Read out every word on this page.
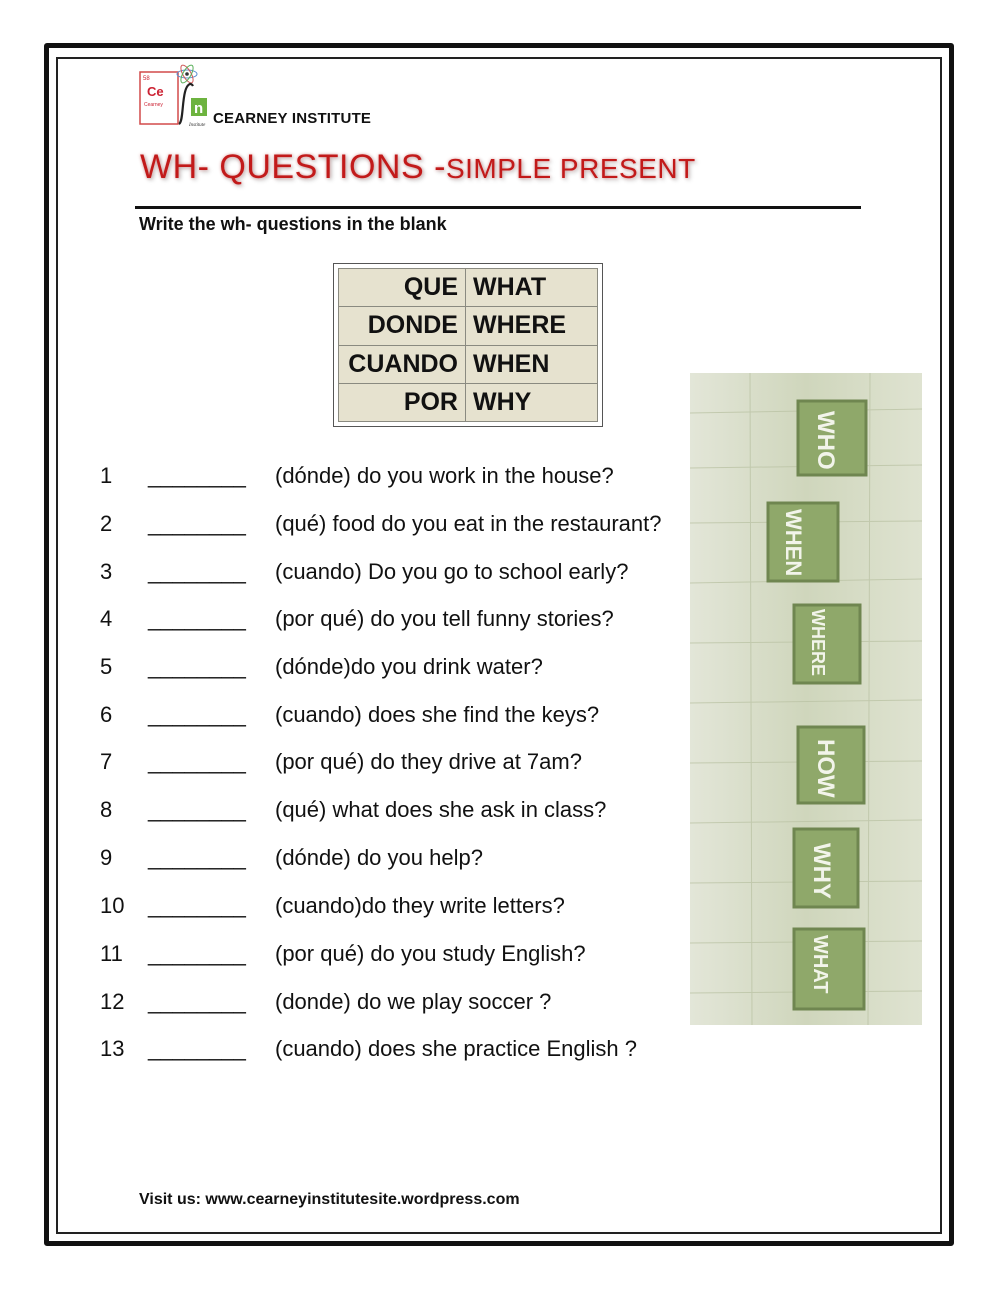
58
Ce
Cearney n
Institute CEARNEY INSTITUTE
WH- QUESTIONS -SIMPLE PRESENT
Write the wh- questions in the blank
QUE	WHAT
DONDE	WHERE
CUANDO	WHEN
POR	WHY
WHO
WHEN
WHERE
HOW
WHY
WHAT
1 ________ (dónde) do you work in the house?
2 ________ (qué) food do you eat in the restaurant?
3 ________ (cuando) Do you go to school early?
4 ________ (por qué) do you tell funny stories?
5 ________ (dónde)do you drink water?
6 ________ (cuando) does she find the keys?
7 ________ (por qué) do they drive at 7am?
8 ________ (qué) what does she ask in class?
9 ________ (dónde) do you help?
10 ________ (cuando)do they write letters?
11 ________ (por qué) do you study English?
12 ________ (donde) do we play soccer ?
13 ________ (cuando) does she practice English ?
Visit us: www.cearneyinstitutesite.wordpress.com
